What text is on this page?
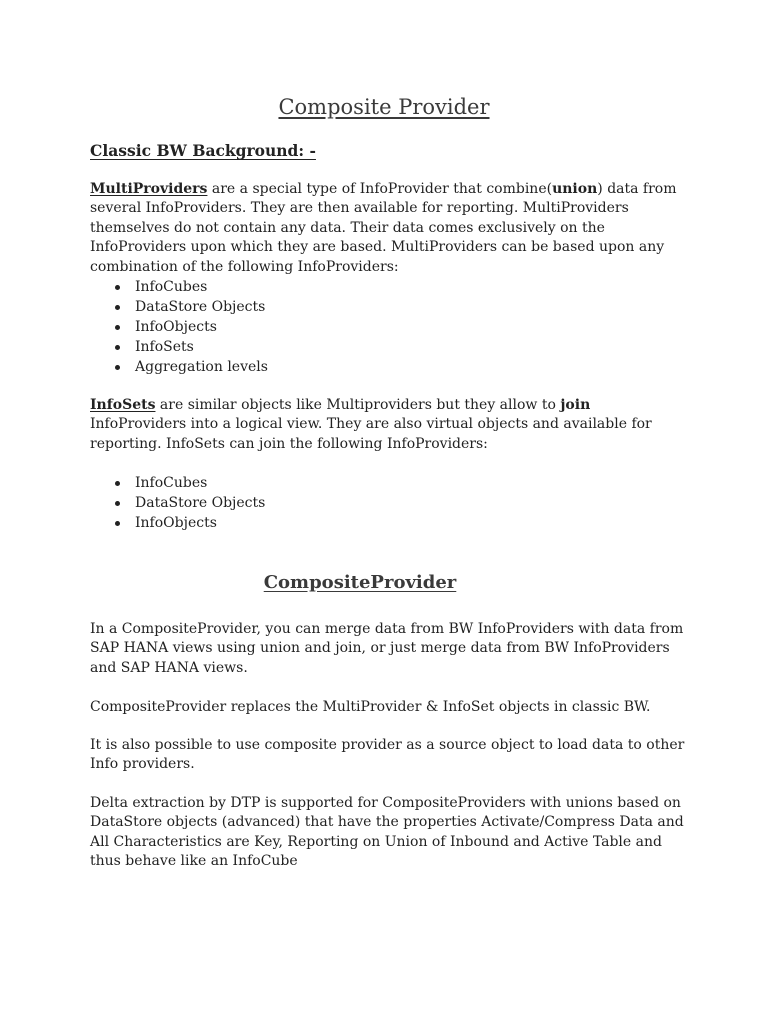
Composite Provider
Classic BW Background: -

MultiProviders are a special type of InfoProvider that combine(union) data from several InfoProviders. They are then available for reporting. MultiProviders themselves do not contain any data. Their data comes exclusively on the InfoProviders upon which they are based. MultiProviders can be based upon any combination of the following InfoProviders:

InfoCubes
DataStore Objects
InfoObjects
InfoSets
Aggregation levels

InfoSets are similar objects like Multiproviders but they allow to join InfoProviders into a logical view. They are also virtual objects and available for reporting. InfoSets can join the following InfoProviders:

InfoCubes
DataStore Objects
InfoObjects
CompositeProvider

In a CompositeProvider, you can merge data from BW InfoProviders with data from SAP HANA views using union and join, or just merge data from BW InfoProviders and SAP HANA views.

CompositeProvider replaces the MultiProvider & InfoSet objects in classic BW.

It is also possible to use composite provider as a source object to load data to other Info providers.

Delta extraction by DTP is supported for CompositeProviders with unions based on DataStore objects (advanced) that have the properties Activate/Compress Data and All Characteristics are Key, Reporting on Union of Inbound and Active Table and thus behave like an InfoCube
